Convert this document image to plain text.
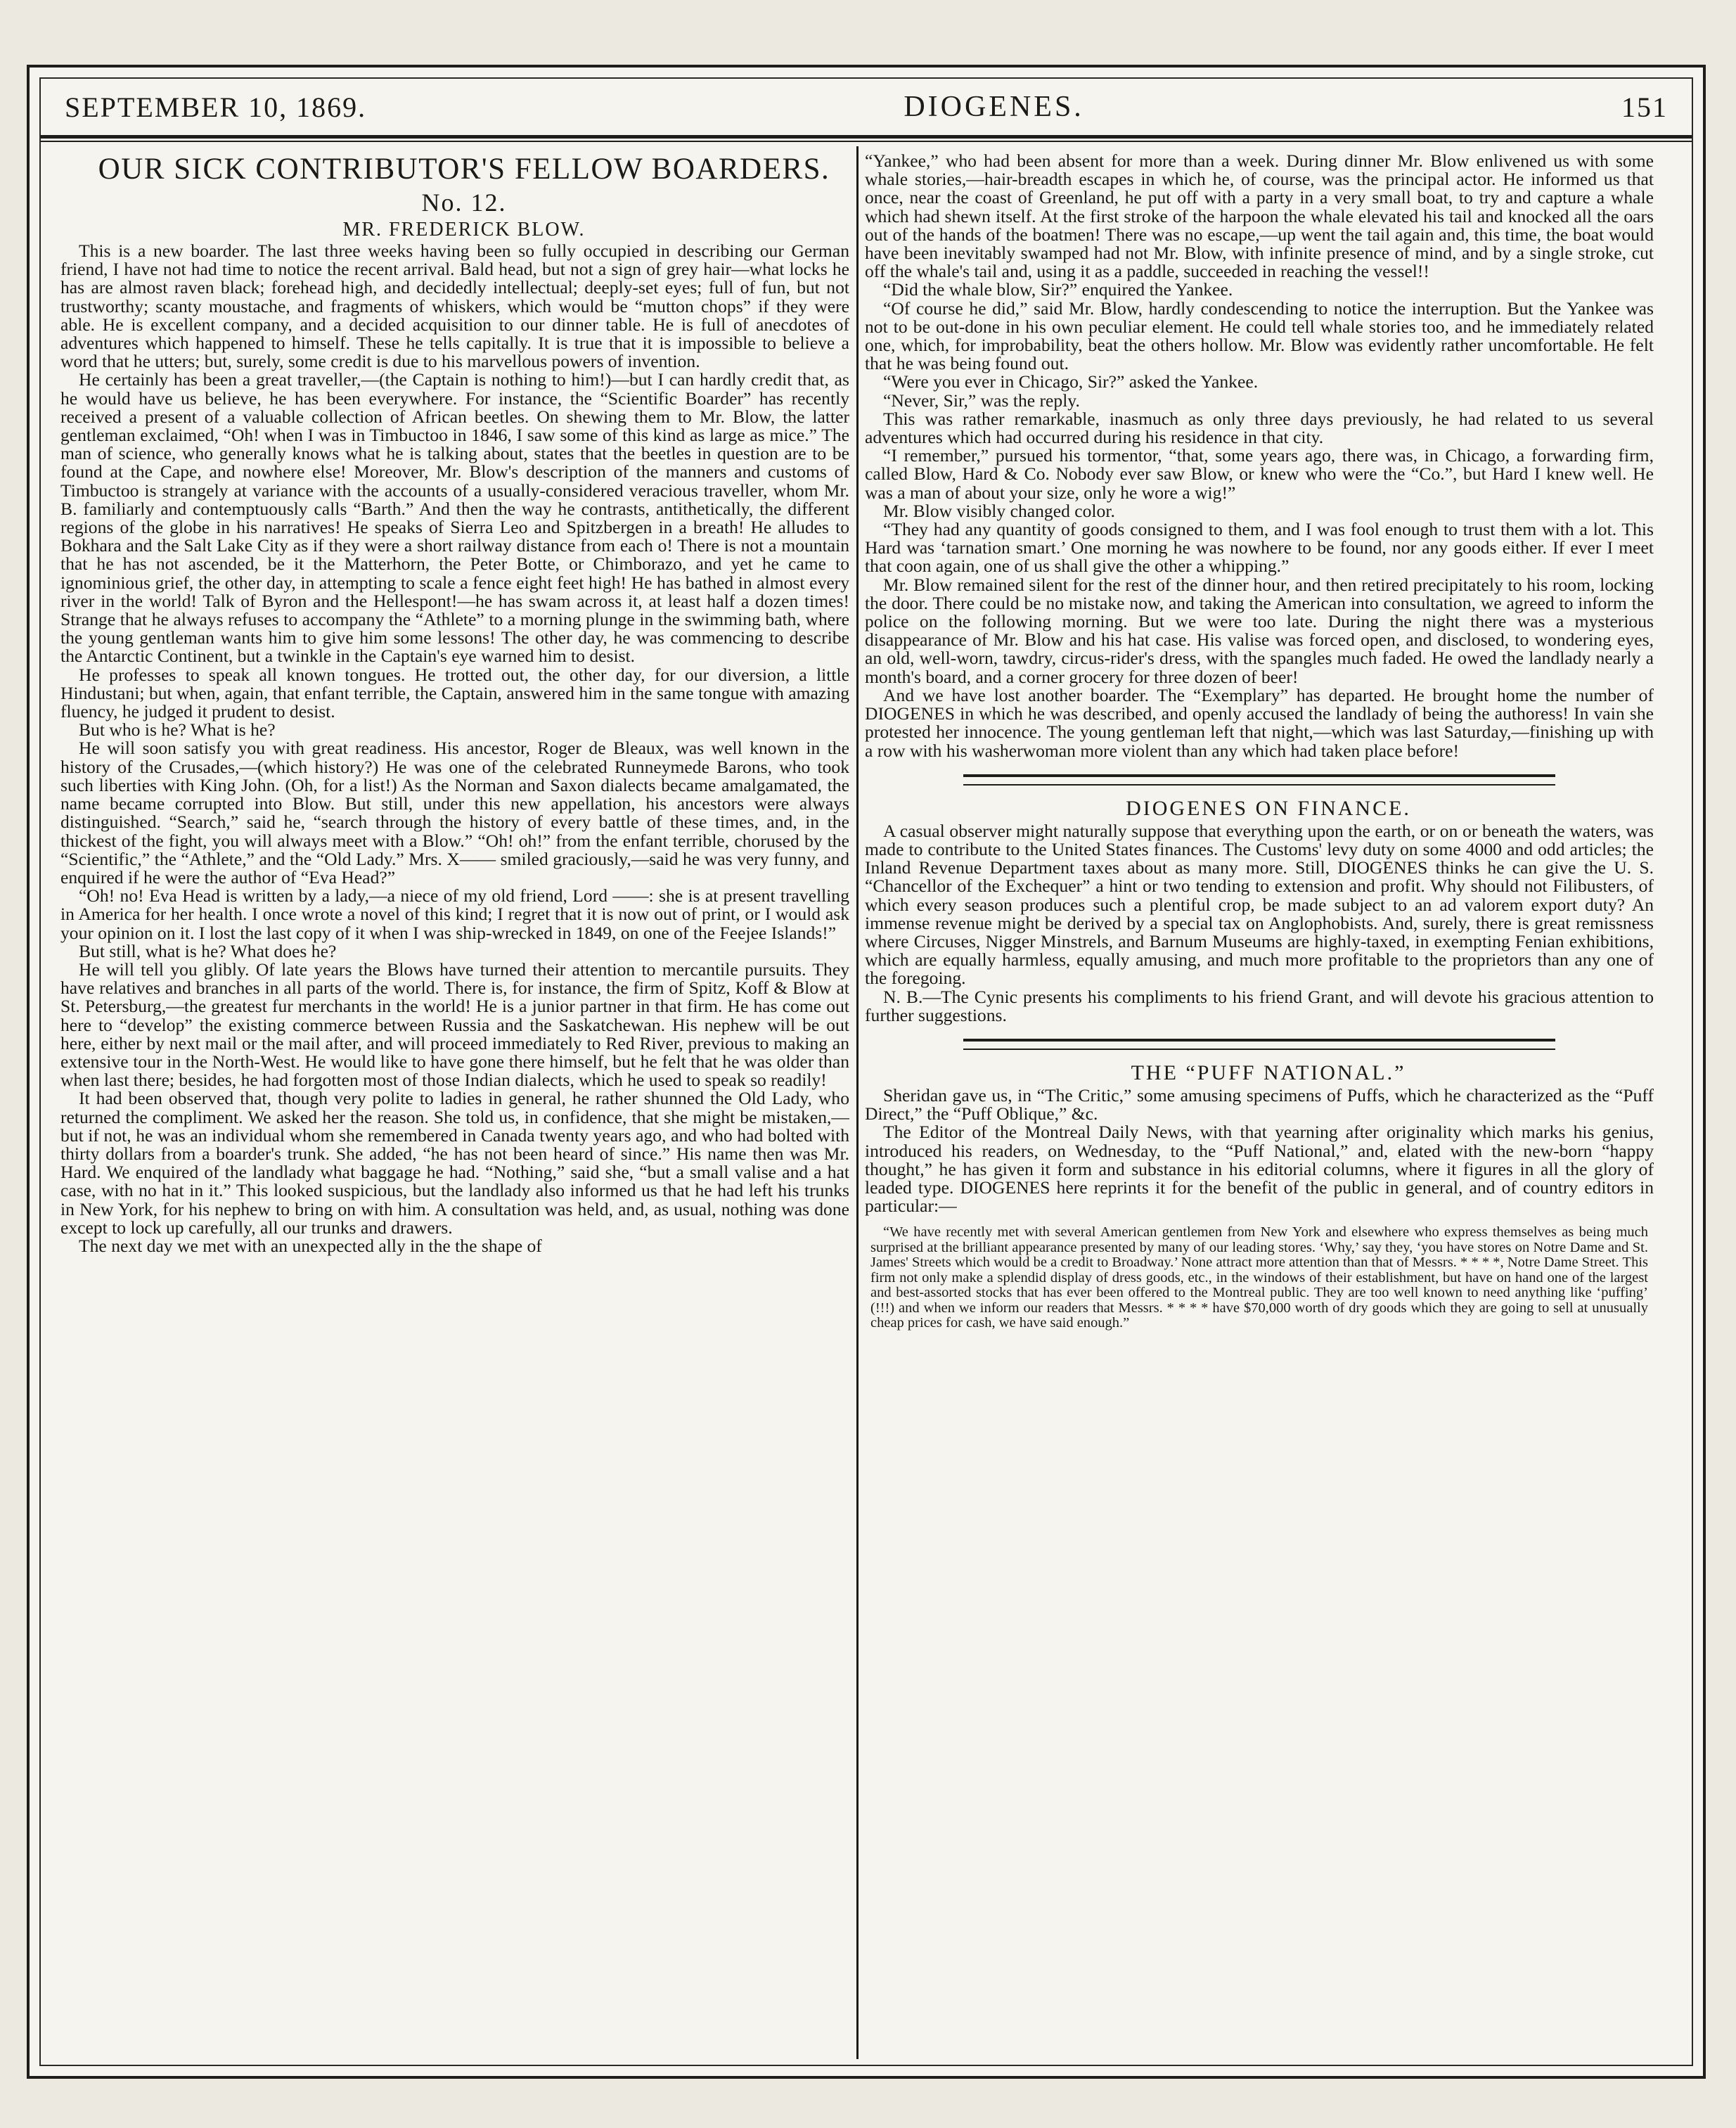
SEPTEMBER 10, 1869.	DIOGENES.	151

OUR SICK CONTRIBUTOR'S FELLOW BOARDERS.

No. 12.

MR. FREDERICK BLOW.

This is a new boarder. The last three weeks having been so fully occupied in describing our German friend, I have not had time to notice the recent arrival. Bald head, but not a sign of grey hair—what locks he has are almost raven black; forehead high, and decidedly intellectual; deeply-set eyes; full of fun, but not trustworthy; scanty moustache, and fragments of whiskers, which would be “mutton chops” if they were able. He is excellent company, and a decided acquisition to our dinner table. He is full of anecdotes of adventures which happened to himself. These he tells capitally. It is true that it is impossible to believe a word that he utters; but, surely, some credit is due to his marvellous powers of invention.

He certainly has been a great traveller,—(the Captain is nothing to him!)—but I can hardly credit that, as he would have us believe, he has been everywhere. For instance, the “Scientific Boarder” has recently received a present of a valuable collection of African beetles. On shewing them to Mr. Blow, the latter gentleman exclaimed, “Oh! when I was in Timbuctoo in 1846, I saw some of this kind as large as mice.” The man of science, who generally knows what he is talking about, states that the beetles in question are to be found at the Cape, and nowhere else! Moreover, Mr. Blow's description of the manners and customs of Timbuctoo is strangely at variance with the accounts of a usually-considered veracious traveller, whom Mr. B. familiarly and contemptuously calls “Barth.” And then the way he contrasts, antithetically, the different regions of the globe in his narratives! He speaks of Sierra Leo and Spitzbergen in a breath! He alludes to Bokhara and the Salt Lake City as if they were a short railway distance from each o! There is not a mountain that he has not ascended, be it the Matterhorn, the Peter Botte, or Chimborazo, and yet he came to ignominious grief, the other day, in attempting to scale a fence eight feet high! He has bathed in almost every river in the world! Talk of Byron and the Hellespont!—he has swam across it, at least half a dozen times! Strange that he always refuses to accompany the “Athlete” to a morning plunge in the swimming bath, where the young gentleman wants him to give him some lessons! The other day, he was commencing to describe the Antarctic Continent, but a twinkle in the Captain's eye warned him to desist.

He professes to speak all known tongues. He trotted out, the other day, for our diversion, a little Hindustani; but when, again, that enfant terrible, the Captain, answered him in the same tongue with amazing fluency, he judged it prudent to desist.

But who is he? What is he?

He will soon satisfy you with great readiness. His ancestor, Roger de Bleaux, was well known in the history of the Crusades,—(which history?) He was one of the celebrated Runneymede Barons, who took such liberties with King John. (Oh, for a list!) As the Norman and Saxon dialects became amalgamated, the name became corrupted into Blow. But still, under this new appellation, his ancestors were always distinguished. “Search,” said he, “search through the history of every battle of these times, and, in the thickest of the fight, you will always meet with a Blow.” “Oh! oh!” from the enfant terrible, chorused by the “Scientific,” the “Athlete,” and the “Old Lady.” Mrs. X—— smiled graciously,—said he was very funny, and enquired if he were the author of “Eva Head?”

“Oh! no! Eva Head is written by a lady,—a niece of my old friend, Lord ——: she is at present travelling in America for her health. I once wrote a novel of this kind; I regret that it is now out of print, or I would ask your opinion on it. I lost the last copy of it when I was ship-wrecked in 1849, on one of the Feejee Islands!”

But still, what is he? What does he?

He will tell you glibly. Of late years the Blows have turned their attention to mercantile pursuits. They have relatives and branches in all parts of the world. There is, for instance, the firm of Spitz, Koff & Blow at St. Petersburg,—the greatest fur merchants in the world! He is a junior partner in that firm. He has come out here to “develop” the existing commerce between Russia and the Saskatchewan. His nephew will be out here, either by next mail or the mail after, and will proceed immediately to Red River, previous to making an extensive tour in the North-West. He would like to have gone there himself, but he felt that he was older than when last there; besides, he had forgotten most of those Indian dialects, which he used to speak so readily!

It had been observed that, though very polite to ladies in general, he rather shunned the Old Lady, who returned the compliment. We asked her the reason. She told us, in confidence, that she might be mistaken,—but if not, he was an individual whom she remembered in Canada twenty years ago, and who had bolted with thirty dollars from a boarder's trunk. She added, “he has not been heard of since.” His name then was Mr. Hard. We enquired of the landlady what baggage he had. “Nothing,” said she, “but a small valise and a hat case, with no hat in it.” This looked suspicious, but the landlady also informed us that he had left his trunks in New York, for his nephew to bring on with him. A consultation was held, and, as usual, nothing was done except to lock up carefully, all our trunks and drawers.

The next day we met with an unexpected ally in the the shape of

“Yankee,” who had been absent for more than a week. During dinner Mr. Blow enlivened us with some whale stories,—hair-breadth escapes in which he, of course, was the principal actor. He informed us that once, near the coast of Greenland, he put off with a party in a very small boat, to try and capture a whale which had shewn itself. At the first stroke of the harpoon the whale elevated his tail and knocked all the oars out of the hands of the boatmen! There was no escape,—up went the tail again and, this time, the boat would have been inevitably swamped had not Mr. Blow, with infinite presence of mind, and by a single stroke, cut off the whale's tail and, using it as a paddle, succeeded in reaching the vessel!!

“Did the whale blow, Sir?” enquired the Yankee.

“Of course he did,” said Mr. Blow, hardly condescending to notice the interruption. But the Yankee was not to be out-done in his own peculiar element. He could tell whale stories too, and he immediately related one, which, for improbability, beat the others hollow. Mr. Blow was evidently rather uncomfortable. He felt that he was being found out.

“Were you ever in Chicago, Sir?” asked the Yankee.

“Never, Sir,” was the reply.

This was rather remarkable, inasmuch as only three days previously, he had related to us several adventures which had occurred during his residence in that city.

“I remember,” pursued his tormentor, “that, some years ago, there was, in Chicago, a forwarding firm, called Blow, Hard & Co. Nobody ever saw Blow, or knew who were the “Co.”, but Hard I knew well. He was a man of about your size, only he wore a wig!”

Mr. Blow visibly changed color.

“They had any quantity of goods consigned to them, and I was fool enough to trust them with a lot. This Hard was ‘tarnation smart.’ One morning he was nowhere to be found, nor any goods either. If ever I meet that coon again, one of us shall give the other a whipping.”

Mr. Blow remained silent for the rest of the dinner hour, and then retired precipitately to his room, locking the door. There could be no mistake now, and taking the American into consultation, we agreed to inform the police on the following morning. But we were too late. During the night there was a mysterious disappearance of Mr. Blow and his hat case. His valise was forced open, and disclosed, to wondering eyes, an old, well-worn, tawdry, circus-rider's dress, with the spangles much faded. He owed the landlady nearly a month's board, and a corner grocery for three dozen of beer!

And we have lost another boarder. The “Exemplary” has departed. He brought home the number of DIOGENES in which he was described, and openly accused the landlady of being the authoress! In vain she protested her innocence. The young gentleman left that night,—which was last Saturday,—finishing up with a row with his washerwoman more violent than any which had taken place before!

DIOGENES ON FINANCE.

A casual observer might naturally suppose that everything upon the earth, or on or beneath the waters, was made to contribute to the United States finances. The Customs' levy duty on some 4000 and odd articles; the Inland Revenue Department taxes about as many more. Still, DIOGENES thinks he can give the U. S. “Chancellor of the Exchequer” a hint or two tending to extension and profit. Why should not Filibusters, of which every season produces such a plentiful crop, be made subject to an ad valorem export duty? An immense revenue might be derived by a special tax on Anglophobists. And, surely, there is great remissness where Circuses, Nigger Minstrels, and Barnum Museums are highly-taxed, in exempting Fenian exhibitions, which are equally harmless, equally amusing, and much more profitable to the proprietors than any one of the foregoing.

N. B.—The Cynic presents his compliments to his friend Grant, and will devote his gracious attention to further suggestions.

THE “PUFF NATIONAL.”

Sheridan gave us, in “The Critic,” some amusing specimens of Puffs, which he characterized as the “Puff Direct,” the “Puff Oblique,” &c.

The Editor of the Montreal Daily News, with that yearning after originality which marks his genius, introduced his readers, on Wednesday, to the “Puff National,” and, elated with the new-born “happy thought,” he has given it form and substance in his editorial columns, where it figures in all the glory of leaded type. DIOGENES here reprints it for the benefit of the public in general, and of country editors in particular:—

“We have recently met with several American gentlemen from New York and elsewhere who express themselves as being much surprised at the brilliant appearance presented by many of our leading stores. ‘Why,’ say they, ‘you have stores on Notre Dame and St. James' Streets which would be a credit to Broadway.’ None attract more attention than that of Messrs. * * * *, Notre Dame Street. This firm not only make a splendid display of dress goods, etc., in the windows of their establishment, but have on hand one of the largest and best-assorted stocks that has ever been offered to the Montreal public. They are too well known to need anything like ‘puffing’ (!!!) and when we inform our readers that Messrs. * * * * have $70,000 worth of dry goods which they are going to sell at unusually cheap prices for cash, we have said enough.”
